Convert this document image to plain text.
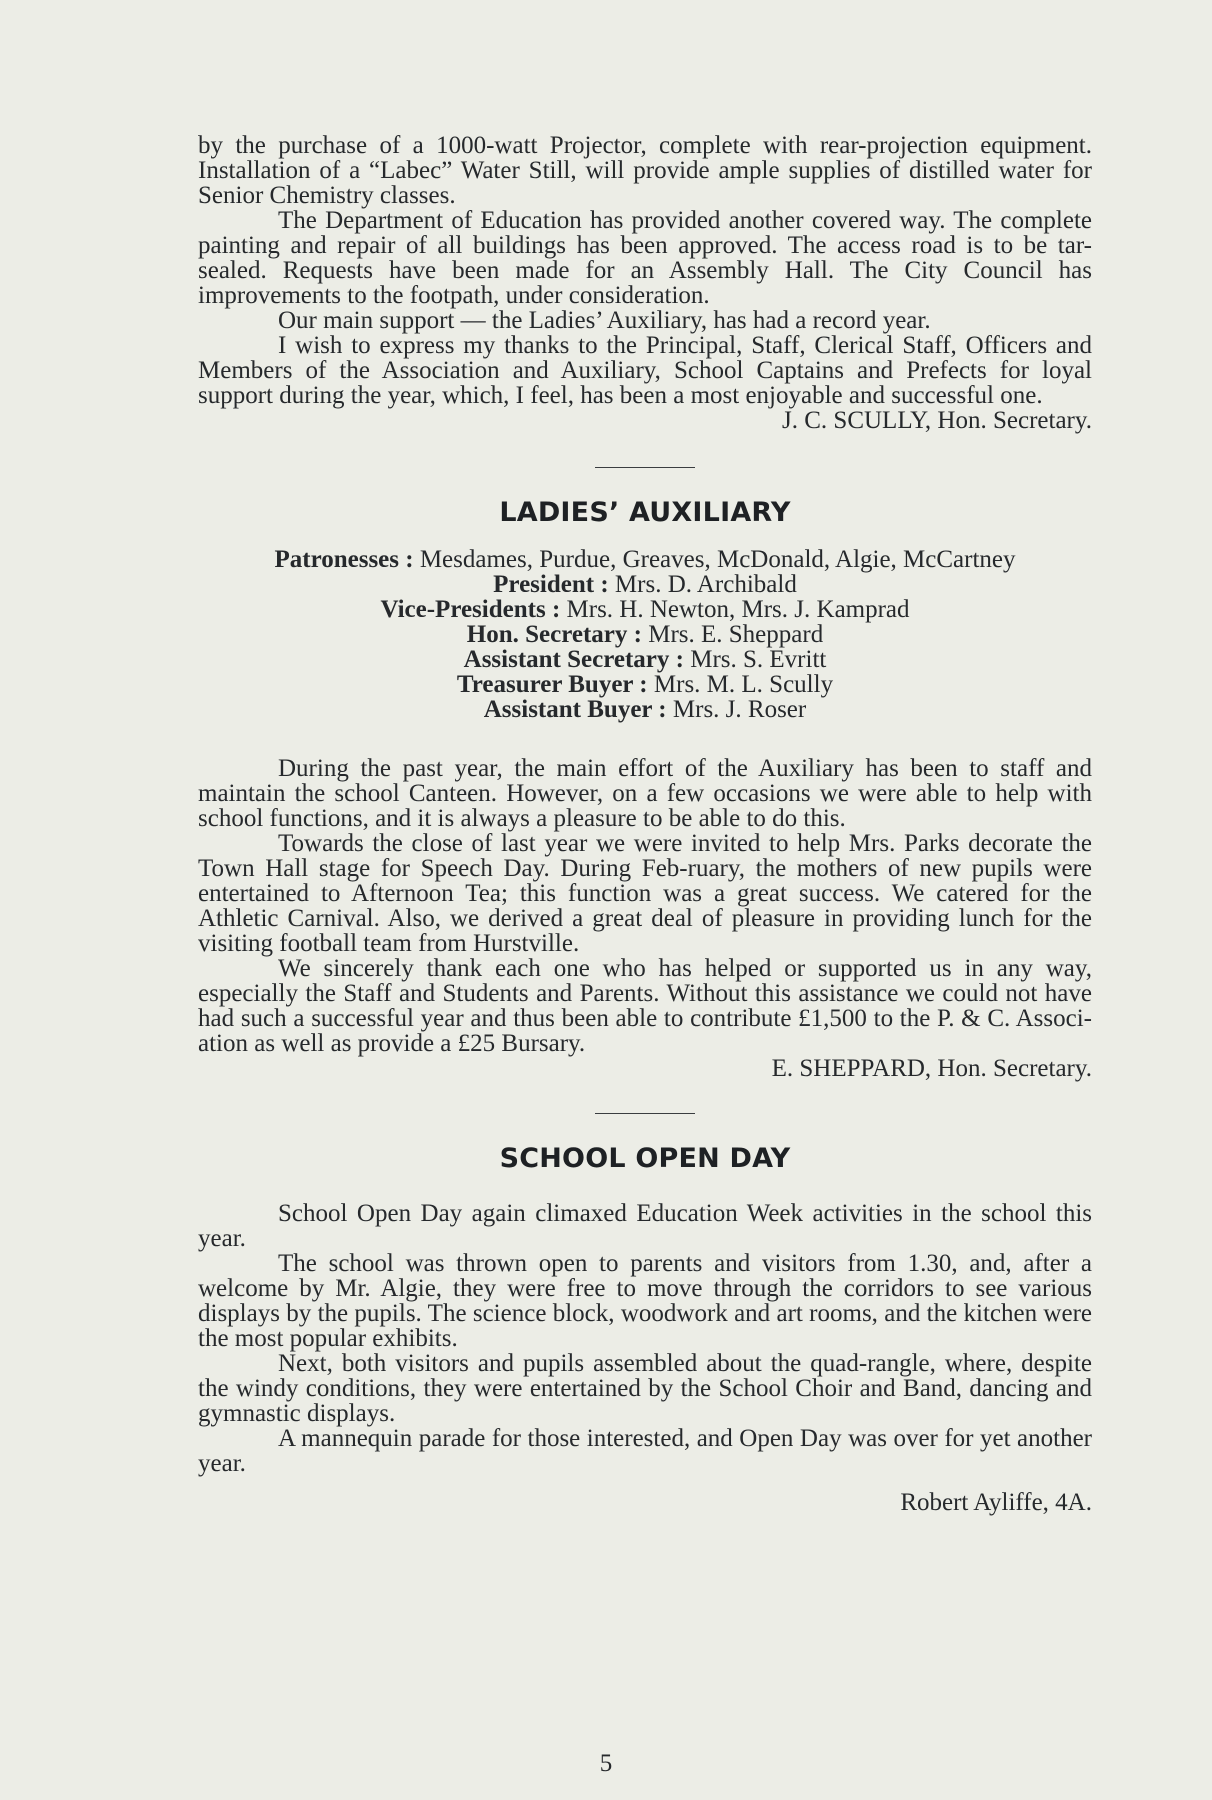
by the purchase of a 1000-watt Projector, complete with rear-projection equipment. Installation of a “Labec” Water Still, will provide ample supplies of distilled water for Senior Chemistry classes.

The Department of Education has provided another covered way. The complete painting and repair of all buildings has been approved. The access road is to be tar-sealed. Requests have been made for an Assembly Hall. The City Council has improvements to the footpath, under consideration.

Our main support — the Ladies’ Auxiliary, has had a record year.

I wish to express my thanks to the Principal, Staff, Clerical Staff, Officers and Members of the Association and Auxiliary, School Captains and Prefects for loyal support during the year, which, I feel, has been a most enjoyable and successful one.

J. C. SCULLY, Hon. Secretary.

LADIES’ AUXILIARY
Patronesses : Mesdames, Purdue, Greaves, McDonald, Algie, McCartney
President : Mrs. D. Archibald
Vice-Presidents : Mrs. H. Newton, Mrs. J. Kamprad
Hon. Secretary : Mrs. E. Sheppard
Assistant Secretary : Mrs. S. Evritt
Treasurer Buyer : Mrs. M. L. Scully
Assistant Buyer : Mrs. J. Roser

During the past year, the main effort of the Auxiliary has been to staff and maintain the school Canteen. However, on a few occasions we were able to help with school functions, and it is always a pleasure to be able to do this.

Towards the close of last year we were invited to help Mrs. Parks decorate the Town Hall stage for Speech Day. During Feb-ruary, the mothers of new pupils were entertained to Afternoon Tea; this function was a great success. We catered for the Athletic Carnival. Also, we derived a great deal of pleasure in providing lunch for the visiting football team from Hurstville.

We sincerely thank each one who has helped or supported us in any way, especially the Staff and Students and Parents. Without this assistance we could not have had such a successful year and thus been able to contribute £1,500 to the P. & C. Associ-ation as well as provide a £25 Bursary.

E. SHEPPARD, Hon. Secretary.

SCHOOL OPEN DAY

School Open Day again climaxed Education Week activities in the school this year.

The school was thrown open to parents and visitors from 1.30, and, after a welcome by Mr. Algie, they were free to move through the corridors to see various displays by the pupils. The science block, woodwork and art rooms, and the kitchen were the most popular exhibits.

Next, both visitors and pupils assembled about the quad-rangle, where, despite the windy conditions, they were entertained by the School Choir and Band, dancing and gymnastic displays.

A mannequin parade for those interested, and Open Day was over for yet another year.

Robert Ayliffe, 4A.

5
